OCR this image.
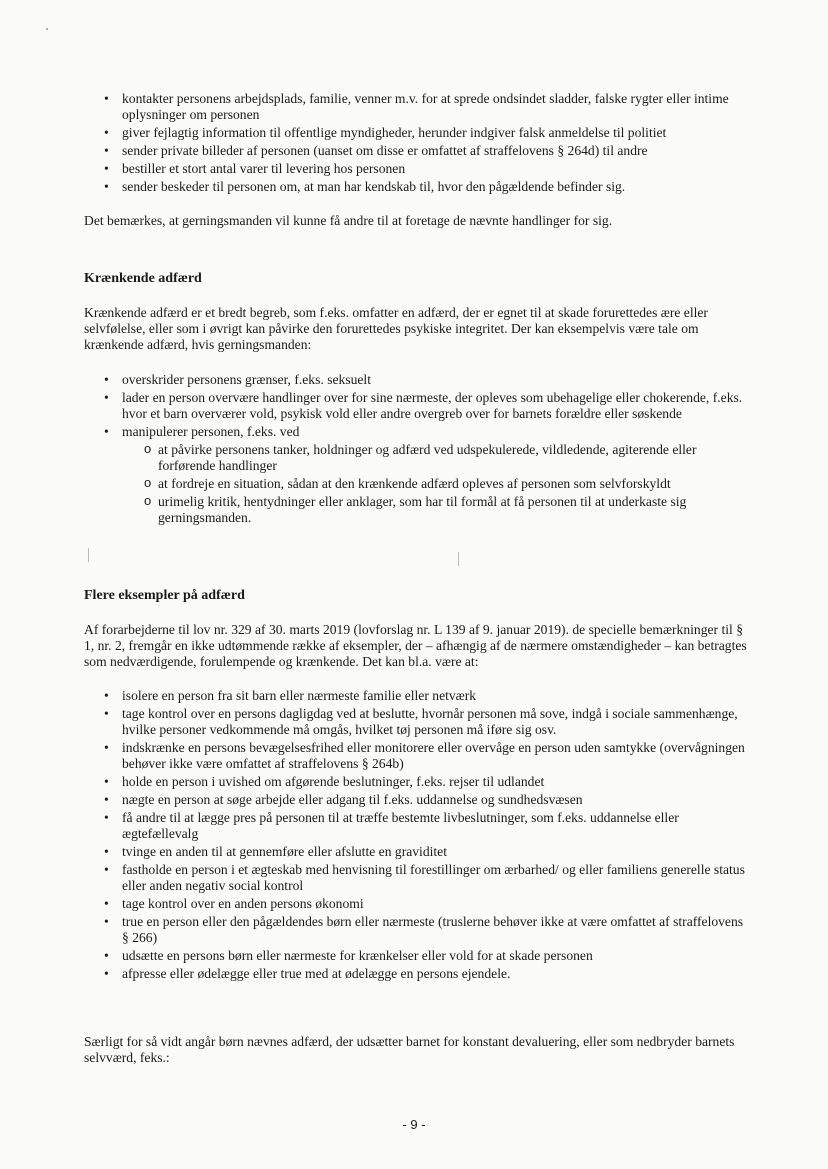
• kontakter personens arbejdsplads, familie, venner m.v. for at sprede ondsindet sladder, falske rygter eller intime oplysninger om personen
• giver fejlagtig information til offentlige myndigheder, herunder indgiver falsk anmeldelse til politiet
• sender private billeder af personen (uanset om disse er omfattet af straffelovens § 264d) til andre
• bestiller et stort antal varer til levering hos personen
• sender beskeder til personen om, at man har kendskab til, hvor den pågældende befinder sig.

Det bemærkes, at gerningsmanden vil kunne få andre til at foretage de nævnte handlinger for sig.

Krænkende adfærd

Krænkende adfærd er et bredt begreb, som f.eks. omfatter en adfærd, der er egnet til at skade forurettedes ære eller selvfølelse, eller som i øvrigt kan påvirke den forurettedes psykiske integritet. Der kan eksempelvis være tale om krænkende adfærd, hvis gerningsmanden:

• overskrider personens grænser, f.eks. seksuelt
• lader en person overvære handlinger over for sine nærmeste, der opleves som ubehagelige eller chokerende, f.eks. hvor et barn overværer vold, psykisk vold eller andre overgreb over for barnets forældre eller søskende
• manipulerer personen, f.eks. ved
o at påvirke personens tanker, holdninger og adfærd ved udspekulerede, vildledende, agiterende eller forførende handlinger
o at fordreje en situation, sådan at den krænkende adfærd opleves af personen som selvforskyldt
o urimelig kritik, hentydninger eller anklager, som har til formål at få personen til at underkaste sig gerningsmanden.
Flere eksempler på adfærd

Af forarbejderne til lov nr. 329 af 30. marts 2019 (lovforslag nr. L 139 af 9. januar 2019). de specielle bemærkninger til § 1, nr. 2, fremgår en ikke udtømmende række af eksempler, der – afhængig af de nærmere omstændigheder – kan betragtes som nedværdigende, forulempende og krænkende. Det kan bl.a. være at:

• isolere en person fra sit barn eller nærmeste familie eller netværk
• tage kontrol over en persons dagligdag ved at beslutte, hvornår personen må sove, indgå i sociale sammenhænge, hvilke personer vedkommende må omgås, hvilket tøj personen må iføre sig osv.
• indskrænke en persons bevægelsesfrihed eller monitorere eller overvåge en person uden samtykke (overvågningen behøver ikke være omfattet af straffelovens § 264b)
• holde en person i uvished om afgørende beslutninger, f.eks. rejser til udlandet
• nægte en person at søge arbejde eller adgang til f.eks. uddannelse og sundhedsvæsen
• få andre til at lægge pres på personen til at træffe bestemte livbeslutninger, som f.eks. uddannelse eller ægtefællevalg
• tvinge en anden til at gennemføre eller afslutte en graviditet
• fastholde en person i et ægteskab med henvisning til forestillinger om ærbarhed/ og eller familiens generelle status eller anden negativ social kontrol
• tage kontrol over en anden persons økonomi
• true en person eller den pågældendes børn eller nærmeste (truslerne behøver ikke at være omfattet af straffelovens § 266)
• udsætte en persons børn eller nærmeste for krænkelser eller vold for at skade personen
• afpresse eller ødelægge eller true med at ødelægge en persons ejendele.

Særligt for så vidt angår børn nævnes adfærd, der udsætter barnet for konstant devaluering, eller som nedbryder barnets selvværd, feks.:

- 9 -
